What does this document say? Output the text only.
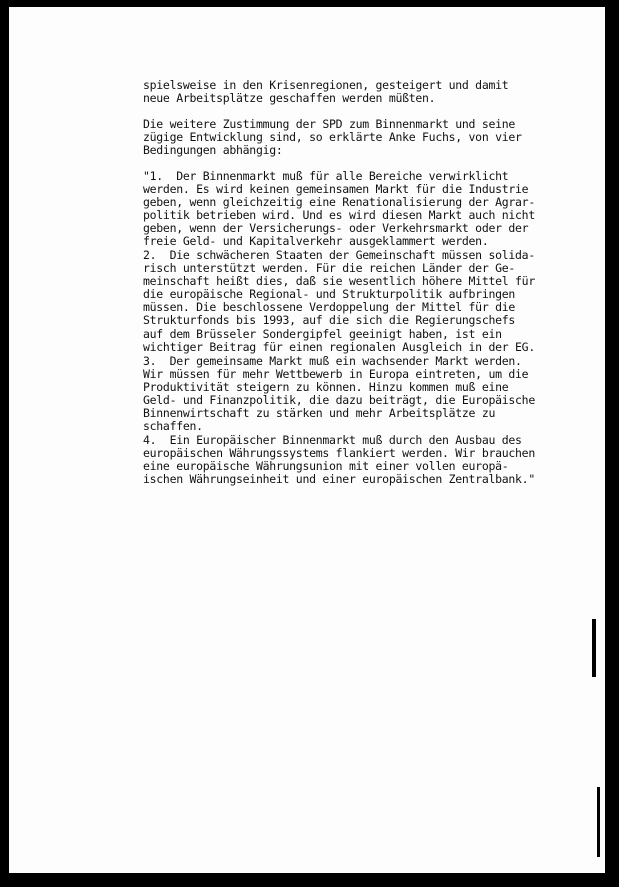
spielsweise in den Krisenregionen, gesteigert und damit
neue Arbeitsplätze geschaffen werden müßten.
Die weitere Zustimmung der SPD zum Binnenmarkt und seine
zügige Entwicklung sind, so erklärte Anke Fuchs, von vier
Bedingungen abhängig:
"1.  Der Binnenmarkt muß für alle Bereiche verwirklicht
werden. Es wird keinen gemeinsamen Markt für die Industrie
geben, wenn gleichzeitig eine Renationalisierung der Agrar-
politik betrieben wird. Und es wird diesen Markt auch nicht
geben, wenn der Versicherungs- oder Verkehrsmarkt oder der
freie Geld- und Kapitalverkehr ausgeklammert werden.
2.  Die schwächeren Staaten der Gemeinschaft müssen solida-
risch unterstützt werden. Für die reichen Länder der Ge-
meinschaft heißt dies, daß sie wesentlich höhere Mittel für
die europäische Regional- und Strukturpolitik aufbringen
müssen. Die beschlossene Verdoppelung der Mittel für die
Strukturfonds bis 1993, auf die sich die Regierungschefs
auf dem Brüsseler Sondergipfel geeinigt haben, ist ein
wichtiger Beitrag für einen regionalen Ausgleich in der EG.
3.  Der gemeinsame Markt muß ein wachsender Markt werden.
Wir müssen für mehr Wettbewerb in Europa eintreten, um die
Produktivität steigern zu können. Hinzu kommen muß eine
Geld- und Finanzpolitik, die dazu beiträgt, die Europäische
Binnenwirtschaft zu stärken und mehr Arbeitsplätze zu
schaffen.
4.  Ein Europäischer Binnenmarkt muß durch den Ausbau des
europäischen Währungssystems flankiert werden. Wir brauchen
eine europäische Währungsunion mit einer vollen europä-
ischen Währungseinheit und einer europäischen Zentralbank."
